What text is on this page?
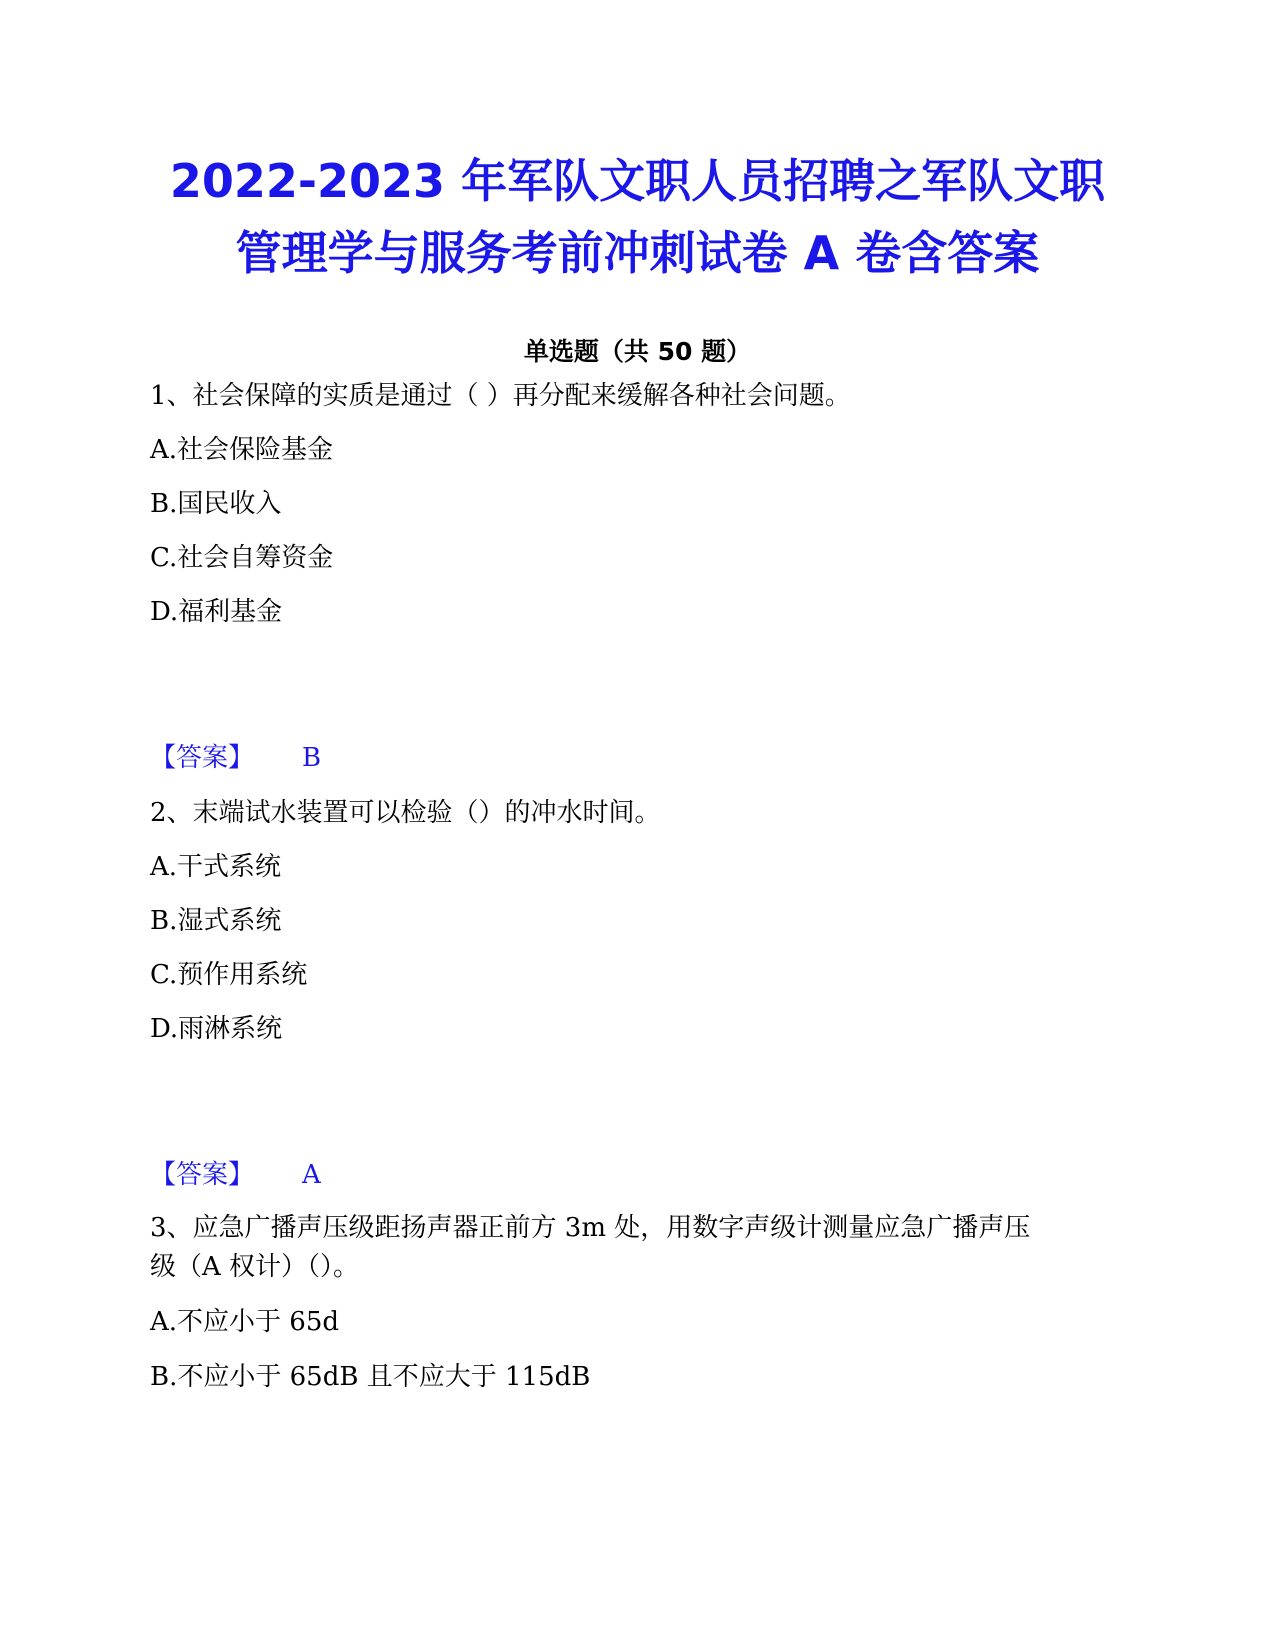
2022-2023 年军队文职人员招聘之军队文职
管理学与服务考前冲刺试卷 A 卷含答案
单选题（共 50 题）
1、社会保障的实质是通过（ ）再分配来缓解各种社会问题。
A.社会保险基金
B.国民收入
C.社会自筹资金
D.福利基金
【答案】 B
2、末端试水装置可以检验（）的冲水时间。
A.干式系统
B.湿式系统
C.预作用系统
D.雨淋系统
【答案】 A
3、应急广播声压级距扬声器正前方 3m 处，用数字声级计测量应急广播声压
级（A 权计）（）。
A.不应小于 65d
B.不应小于 65dB 且不应大于 115dB
